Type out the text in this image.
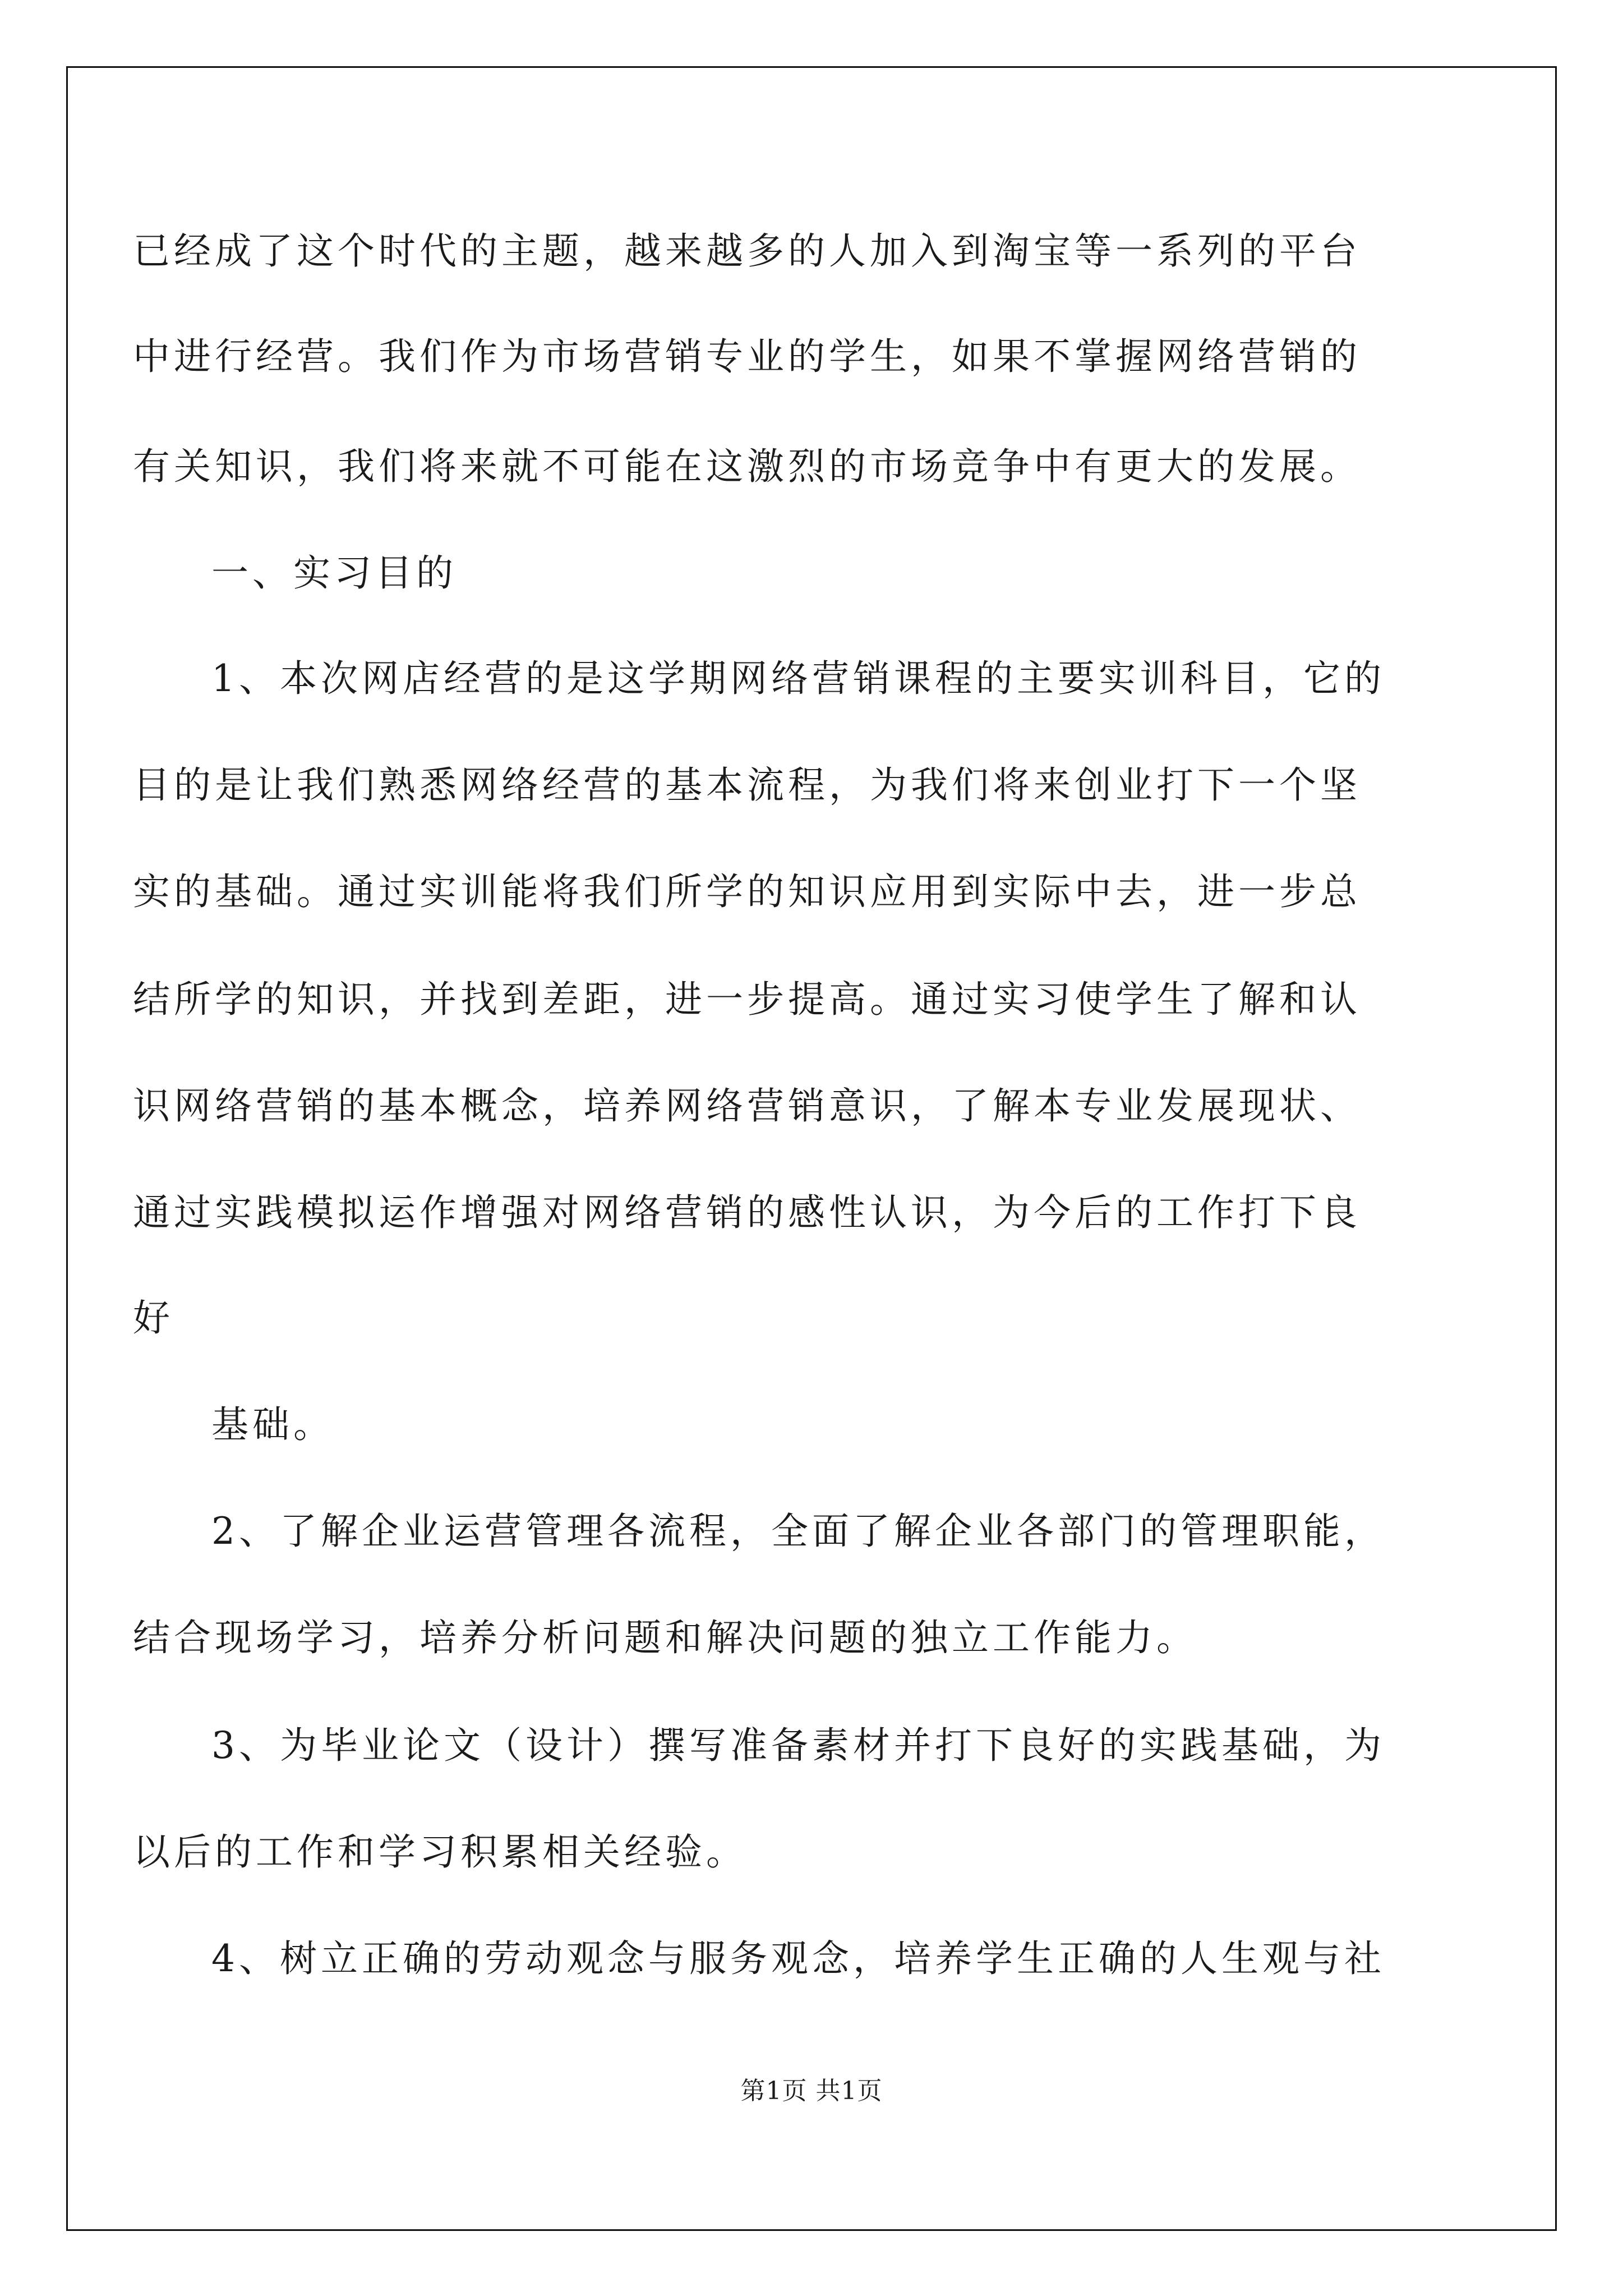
已经成了这个时代的主题，越来越多的人加入到淘宝等一系列的平台
中进行经营。我们作为市场营销专业的学生，如果不掌握网络营销的
有关知识，我们将来就不可能在这激烈的市场竞争中有更大的发展。
一、实习目的
1、本次网店经营的是这学期网络营销课程的主要实训科目，它的
目的是让我们熟悉网络经营的基本流程，为我们将来创业打下一个坚
实的基础。通过实训能将我们所学的知识应用到实际中去，进一步总
结所学的知识，并找到差距，进一步提高。通过实习使学生了解和认
识网络营销的基本概念，培养网络营销意识，了解本专业发展现状、
通过实践模拟运作增强对网络营销的感性认识，为今后的工作打下良
好
基础。
2、了解企业运营管理各流程，全面了解企业各部门的管理职能，
结合现场学习，培养分析问题和解决问题的独立工作能力。
3、为毕业论文（设计）撰写准备素材并打下良好的实践基础，为
以后的工作和学习积累相关经验。
4、树立正确的劳动观念与服务观念，培养学生正确的人生观与社
第1页 共1页
